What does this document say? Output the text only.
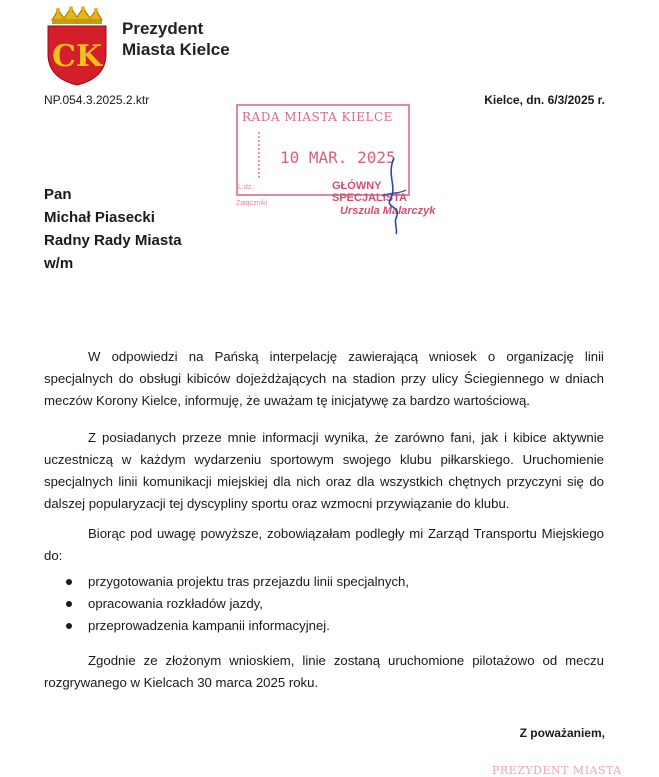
CK
Prezydent
Miasta Kielce
NP.054.3.2025.2.ktr	Kielce, dn. 6/3/2025 r.
RADA MIASTA KIELCE
10 MAR. 2025
L.dz.
Załączniki
GŁÓWNY SPECJALISTA
Urszula Malarczyk
Pan
Michał Piasecki
Radny Rady Miasta
w/m
W odpowiedzi na Pańską interpelację zawierającą wniosek o organizację linii specjalnych do obsługi kibiców dojeżdżających na stadion przy ulicy Ściegiennego w dniach meczów Korony Kielce, informuję, że uważam tę inicjatywę za bardzo wartościową.
Z posiadanych przeze mnie informacji wynika, że zarówno fani, jak i kibice aktywnie uczestniczą w każdym wydarzeniu sportowym swojego klubu piłkarskiego. Uruchomienie specjalnych linii komunikacji miejskiej dla nich oraz dla wszystkich chętnych przyczyni się do dalszej popularyzacji tej dyscypliny sportu oraz wzmocni przywiązanie do klubu.
Biorąc pod uwagę powyższe, zobowiązałam podległy mi Zarząd Transportu Miejskiego do:
przygotowania projektu tras przejazdu linii specjalnych,
opracowania rozkładów jazdy,
przeprowadzenia kampanii informacyjnej.
Zgodnie ze złożonym wnioskiem, linie zostaną uruchomione pilotażowo od meczu rozgrywanego w Kielcach 30 marca 2025 roku.
Z poważaniem,
PREZYDENT MIASTA
